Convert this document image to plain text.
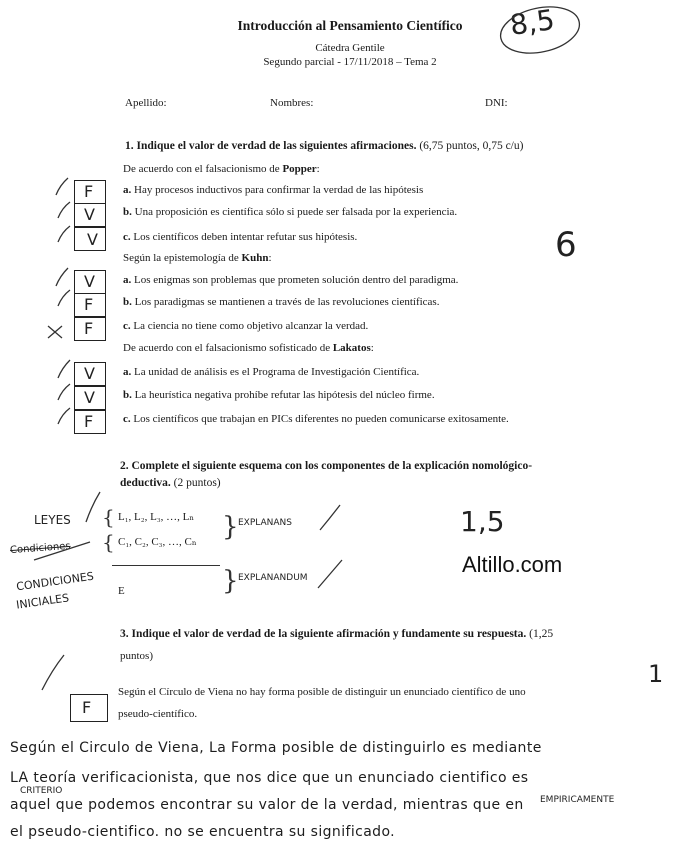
Introducción al Pensamiento Científico
Cátedra Gentile
Segundo parcial - 17/11/2018 – Tema 2
8,5
Apellido:	Nombres:	DNI:
1. Indique el valor de verdad de las siguientes afirmaciones. (6,75 puntos, 0,75 c/u)
De acuerdo con el falsacionismo de Popper:
F	a. Hay procesos inductivos para confirmar la verdad de las hipótesis
V	b. Una proposición es científica sólo si puede ser falsada por la experiencia.
V c. Los científicos deben intentar refutar sus hipótesis.
Según la epistemología de Kuhn:
V	a. Los enigmas son problemas que prometen solución dentro del paradigma.
F	b. Los paradigmas se mantienen a través de las revoluciones científicas.
F	c. La ciencia no tiene como objetivo alcanzar la verdad.
De acuerdo con el falsacionismo sofisticado de Lakatos:
V	a. La unidad de análisis es el Programa de Investigación Científica.
V	b. La heurística negativa prohíbe refutar las hipótesis del núcleo firme.
F	c. Los científicos que trabajan en PICs diferentes no pueden comunicarse exitosamente.
6
2. Complete el siguiente esquema con los componentes de la explicación nomológico-
deductiva. (2 puntos)
{ L₁, L₂, L₃, …, Lₙ
{ C₁, C₂, C₃, …, Cₙ }
E	}
LEYES
Condiciones
CONDICIONES
INICIALES
EXPLANANS
EXPLANANDUM
1,5
Altillo.com
3. Indique el valor de verdad de la siguiente afirmación y fundamente su respuesta. (1,25
puntos)
F
Según el Círculo de Viena no hay forma posible de distinguir un enunciado científico de uno
pseudo-científico.
1
Según el Circulo de Viena, La Forma posible de distinguirlo es mediante
LA teoría verificacionista, que nos dice que un enunciado cientifico es
aquel que podemos encontrar su valor de la verdad, mientras que en
el pseudo-cientifico. no se encuentra su significado.
CRITERIO
EMPIRICAMENTE
